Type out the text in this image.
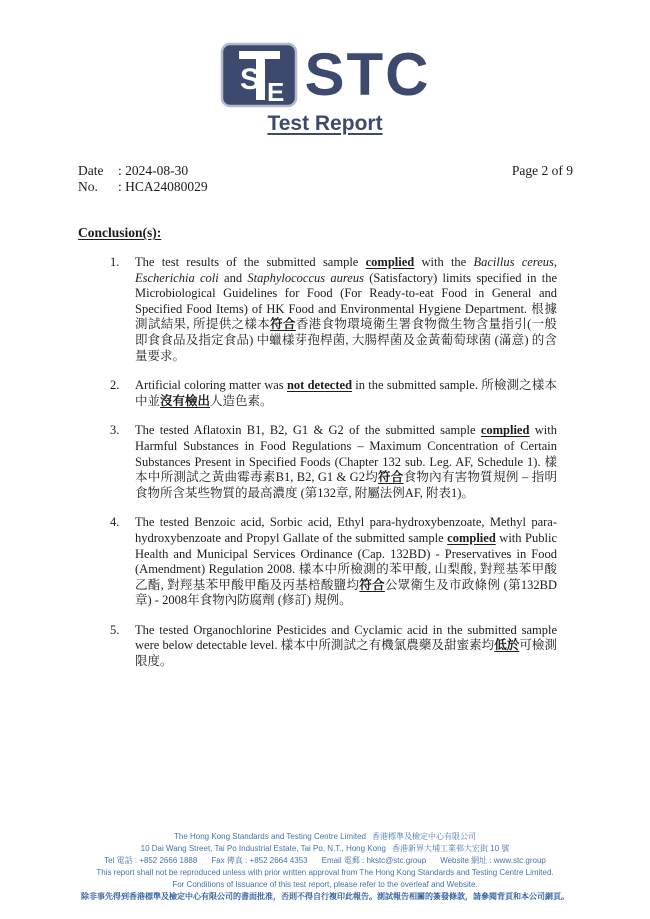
S E STC
Test Report
Date : 2024-08-30
No. : HCA24080029
Page 2 of 9
Conclusion(s):
1.	The test results of the submitted sample complied with the Bacillus cereus, Escherichia coli and Staphylococcus aureus (Satisfactory) limits specified in the Microbiological Guidelines for Food (For Ready-to-eat Food in General and Specified Food Items) of HK Food and Environmental Hygiene Department. 根據測試結果, 所提供之樣本符合香港食物環境衛生署食物微生物含量指引(一般即食食品及指定食品) 中蠟樣芽孢桿菌, 大腸桿菌及金黃葡萄球菌 (滿意) 的含量要求。

2.	Artificial coloring matter was not detected in the submitted sample. 所檢測之樣本中並沒有檢出人造色素。

3.	The tested Aflatoxin B1, B2, G1 & G2 of the submitted sample complied with Harmful Substances in Food Regulations – Maximum Concentration of Certain Substances Present in Specified Foods (Chapter 132 sub. Leg. AF, Schedule 1). 樣本中所測試之黃曲霉毒素B1, B2, G1 & G2均符合食物內有害物質規例 – 指明食物所含某些物質的最高濃度 (第132章, 附屬法例AF, 附表1)。

4.	The tested Benzoic acid, Sorbic acid, Ethyl para-hydroxybenzoate, Methyl para-hydroxybenzoate and Propyl Gallate of the submitted sample complied with Public Health and Municipal Services Ordinance (Cap. 132BD) - Preservatives in Food (Amendment) Regulation 2008. 樣本中所檢測的苯甲酸, 山梨酸, 對羥基苯甲酸乙酯, 對羥基苯甲酸甲酯及丙基棓酸鹽均符合公眾衛生及市政條例 (第132BD章) - 2008年食物內防腐劑 (修訂) 規例。

5.	The tested Organochlorine Pesticides and Cyclamic acid in the submitted sample were below detectable level. 樣本中所測試之有機氯農藥及甜蜜素均低於可檢測限度。

The Hong Kong Standards and Testing Centre Limited 香港標準及檢定中心有限公司
10 Dai Wang Street, Tai Po Industrial Estate, Tai Po, N.T., Hong Kong 香港新界大埔工業邨大宏街 10 號
Tel 電話 : +852 2666 1888 Fax 傳真 : +852 2664 4353 Email 電郵 : hkstc@stc.group Website 網址 : www.stc.group
This report shall not be reproduced unless with prior written approval from The Hong Kong Standards and Testing Centre Limited.
For Conditions of Issuance of this test report, please refer to the overleaf and Website.
除非事先得到香港標準及檢定中心有限公司的書面批准，否則不得自行複印此報告。測試報告相關的簽發條款，請參閱背頁和本公司網頁。
